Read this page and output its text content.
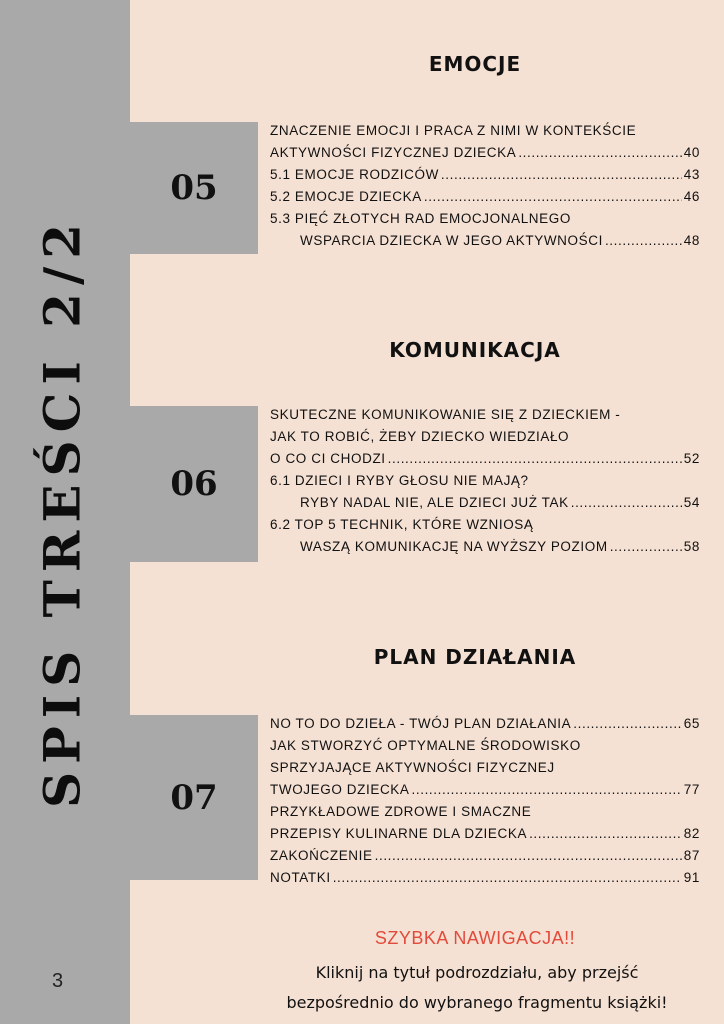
SPIS TREŚCI 2/2
3
05
EMOCJE
ZNACZENIE EMOCJI I PRACA Z NIMI W KONTEKŚCIE
AKTYWNOŚCI FIZYCZNEJ DZIECKA .....	40
5.1 EMOCJE RODZICÓW .....	43
5.2 EMOCJE DZIECKA .....	46
5.3 PIĘĆ ZŁOTYCH RAD EMOCJONALNEGO
WSPARCIA DZIECKA W JEGO AKTYWNOŚCI .....	48
06
KOMUNIKACJA
SKUTECZNE KOMUNIKOWANIE SIĘ Z DZIECKIEM -
JAK TO ROBIĆ, ŻEBY DZIECKO WIEDZIAŁO
O CO CI CHODZI .....	52
6.1 DZIECI I RYBY GŁOSU NIE MAJĄ?
RYBY NADAL NIE, ALE DZIECI JUŻ TAK .....	54
6.2 TOP 5 TECHNIK, KTÓRE WZNIOSĄ
WASZĄ KOMUNIKACJĘ NA WYŻSZY POZIOM .....	58
07
PLAN DZIAŁANIA
NO TO DO DZIEŁA - TWÓJ PLAN DZIAŁANIA .....	65
JAK STWORZYĆ OPTYMALNE ŚRODOWISKO
SPRZYJAJĄCE AKTYWNOŚCI FIZYCZNEJ
TWOJEGO DZIECKA .....	77
PRZYKŁADOWE ZDROWE I SMACZNE
PRZEPISY KULINARNE DLA DZIECKA .....	82
ZAKOŃCZENIE .....	87
NOTATKI .....	91
SZYBKA NAWIGACJA!!
Kliknij na tytuł podrozdziału, aby przejść
bezpośrednio do wybranego fragmentu książki!
